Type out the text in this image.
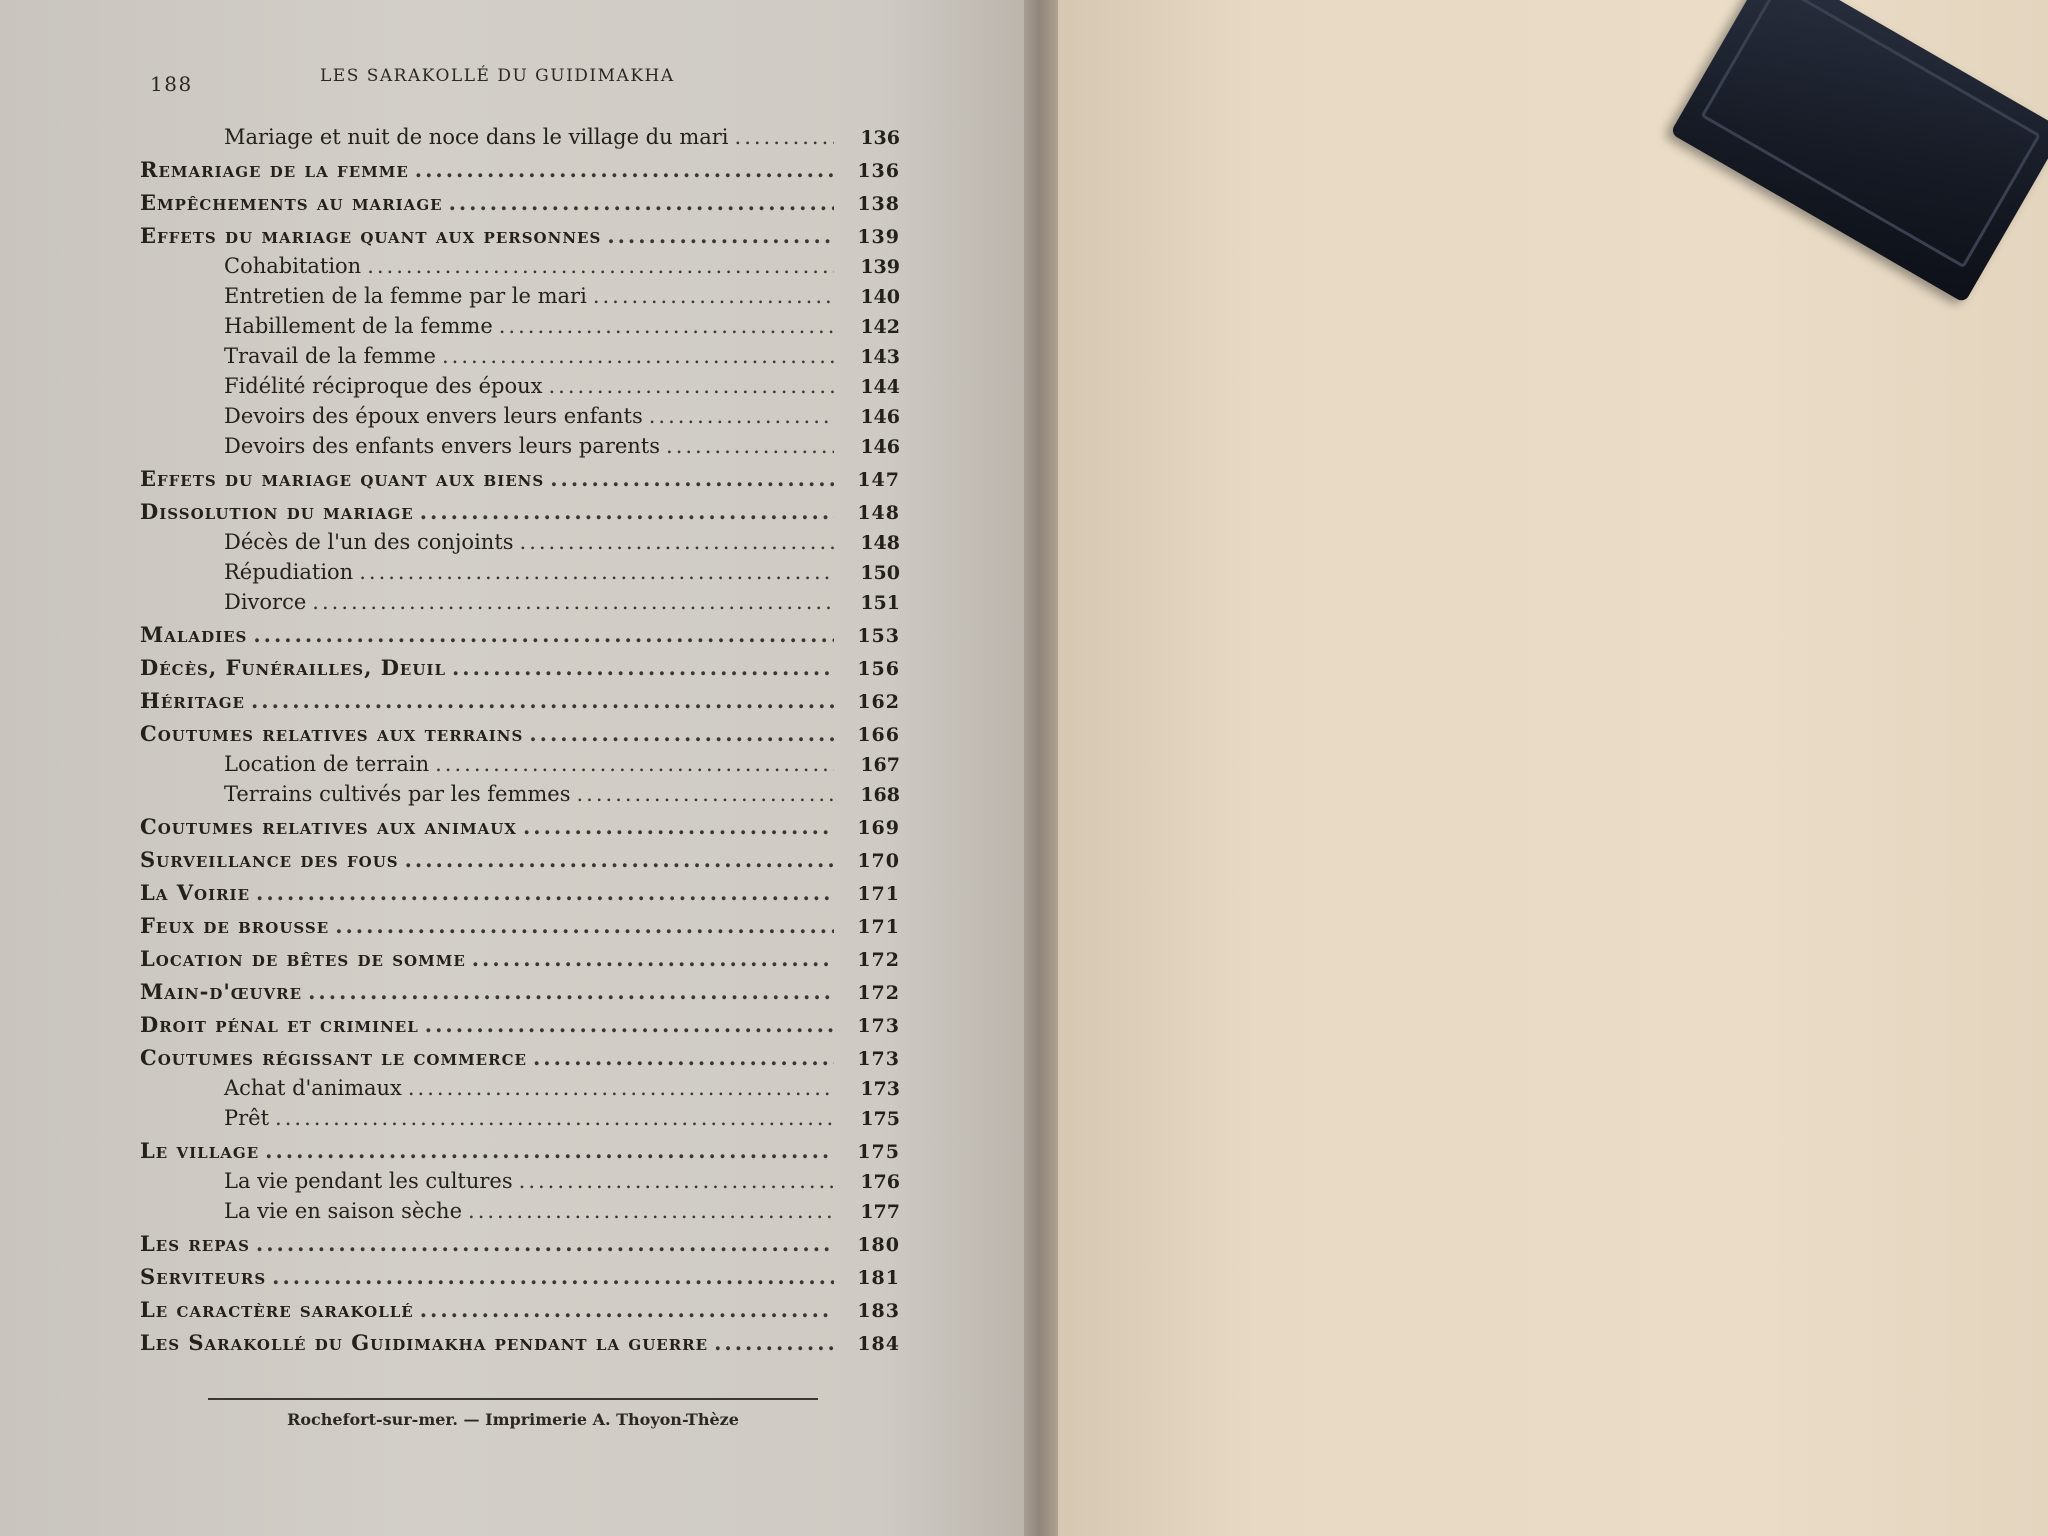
188	LES SARAKOLLÉ DU GUIDIMAKHA
Mariage et nuit de noce dans le village du mari .....	136
Remariage de la femme .....	136
Empêchements au mariage .....	138
Effets du mariage quant aux personnes .....	139
Cohabitation .....	139
Entretien de la femme par le mari .....	140
Habillement de la femme .....	142
Travail de la femme .....	143
Fidélité réciproque des époux .....	144
Devoirs des époux envers leurs enfants .....	146
Devoirs des enfants envers leurs parents .....	146
Effets du mariage quant aux biens .....	147
Dissolution du mariage .....	148
Décès de l'un des conjoints .....	148
Répudiation .....	150
Divorce .....	151
Maladies .....	153
Décès, Funérailles, Deuil .....	156
Héritage .....	162
Coutumes relatives aux terrains .....	166
Location de terrain .....	167
Terrains cultivés par les femmes .....	168
Coutumes relatives aux animaux .....	169
Surveillance des fous .....	170
La Voirie .....	171
Feux de brousse .....	171
Location de bêtes de somme .....	172
Main-d'œuvre .....	172
Droit pénal et criminel .....	173
Coutumes régissant le commerce .....	173
Achat d'animaux .....	173
Prêt .....	175
Le village .....	175
La vie pendant les cultures .....	176
La vie en saison sèche .....	177
Les repas .....	180
Serviteurs .....	181
Le caractère sarakollé .....	183
Les Sarakollé du Guidimakha pendant la guerre .....	184
Rochefort-sur-mer. — Imprimerie A. Thoyon-Thèze
